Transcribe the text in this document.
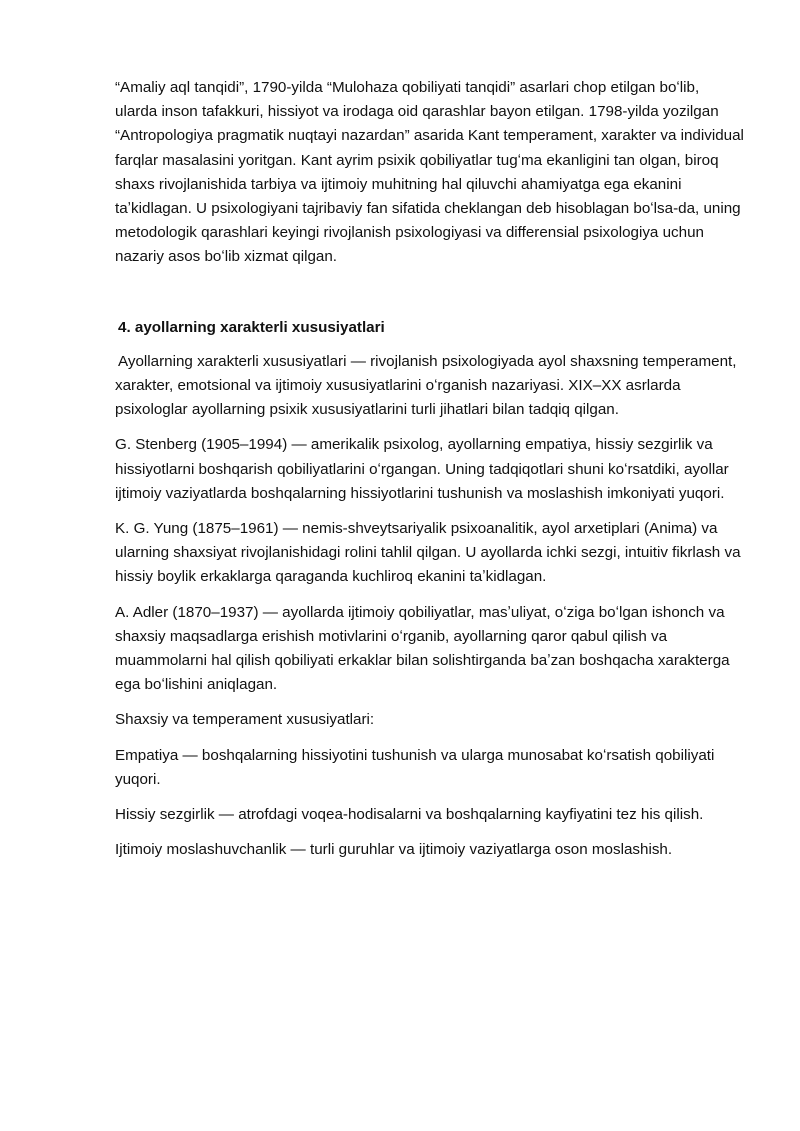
“Amaliy aql tanqidi”, 1790-yilda “Mulohaza qobiliyati tanqidi” asarlari chop etilgan boʻlib, ularda inson tafakkuri, hissiyot va irodaga oid qarashlar bayon etilgan. 1798-yilda yozilgan “Antropologiya pragmatik nuqtayi nazardan” asarida Kant temperament, xarakter va individual farqlar masalasini yoritgan. Kant ayrim psixik qobiliyatlar tugʻma ekanligini tan olgan, biroq shaxs rivojlanishida tarbiya va ijtimoiy muhitning hal qiluvchi ahamiyatga ega ekanini taʼkidlagan. U psixologiyani tajribaviy fan sifatida cheklangan deb hisoblagan boʻlsa-da, uning metodologik qarashlari keyingi rivojlanish psixologiyasi va differensial psixologiya uchun nazariy asos boʻlib xizmat qilgan.

4. ayollarning xarakterli xususiyatlari

Ayollarning xarakterli xususiyatlari — rivojlanish psixologiyada ayol shaxsning temperament, xarakter, emotsional va ijtimoiy xususiyatlarini oʻrganish nazariyasi. XIX–XX asrlarda psixologlar ayollarning psixik xususiyatlarini turli jihatlari bilan tadqiq qilgan.

G. Stenberg (1905–1994) — amerikalik psixolog, ayollarning empatiya, hissiy sezgirlik va hissiyotlarni boshqarish qobiliyatlarini oʻrgangan. Uning tadqiqotlari shuni koʻrsatdiki, ayollar ijtimoiy vaziyatlarda boshqalarning hissiyotlarini tushunish va moslashish imkoniyati yuqori.

K. G. Yung (1875–1961) — nemis-shveytsariyalik psixoanalitik, ayol arxetiplari (Anima) va ularning shaxsiyat rivojlanishidagi rolini tahlil qilgan. U ayollarda ichki sezgi, intuitiv fikrlash va hissiy boylik erkaklarga qaraganda kuchliroq ekanini taʼkidlagan.

A. Adler (1870–1937) — ayollarda ijtimoiy qobiliyatlar, masʼuliyat, oʻziga boʻlgan ishonch va shaxsiy maqsadlarga erishish motivlarini oʻrganib, ayollarning qaror qabul qilish va muammolarni hal qilish qobiliyati erkaklar bilan solishtirganda baʼzan boshqacha xarakterga ega boʻlishini aniqlagan.

Shaxsiy va temperament xususiyatlari:

Empatiya — boshqalarning hissiyotini tushunish va ularga munosabat koʻrsatish qobiliyati yuqori.

Hissiy sezgirlik — atrofdagi voqea-hodisalarni va boshqalarning kayfiyatini tez his qilish.

Ijtimoiy moslashuvchanlik — turli guruhlar va ijtimoiy vaziyatlarga oson moslashish.
